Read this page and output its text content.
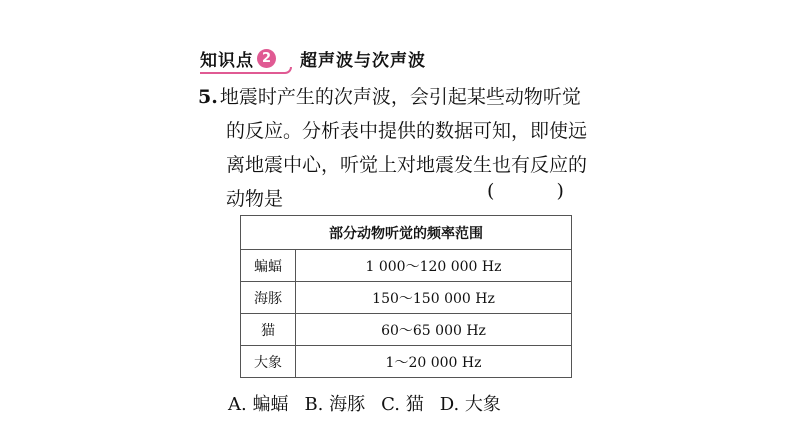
知识点 2 超声波与次声波
5. 地震时产生的次声波，会引起某些动物听觉
的反应。分析表中提供的数据可知，即使远
离地震中心，听觉上对地震发生也有反应的
动物是	( )
部分动物听觉的频率范围	
蝙蝠	1 000～120 000 Hz
海豚	150～150 000 Hz
猫	60～65 000 Hz
大象	1～20 000 Hz
A. 蝙蝠 B. 海豚 C. 猫 D. 大象
